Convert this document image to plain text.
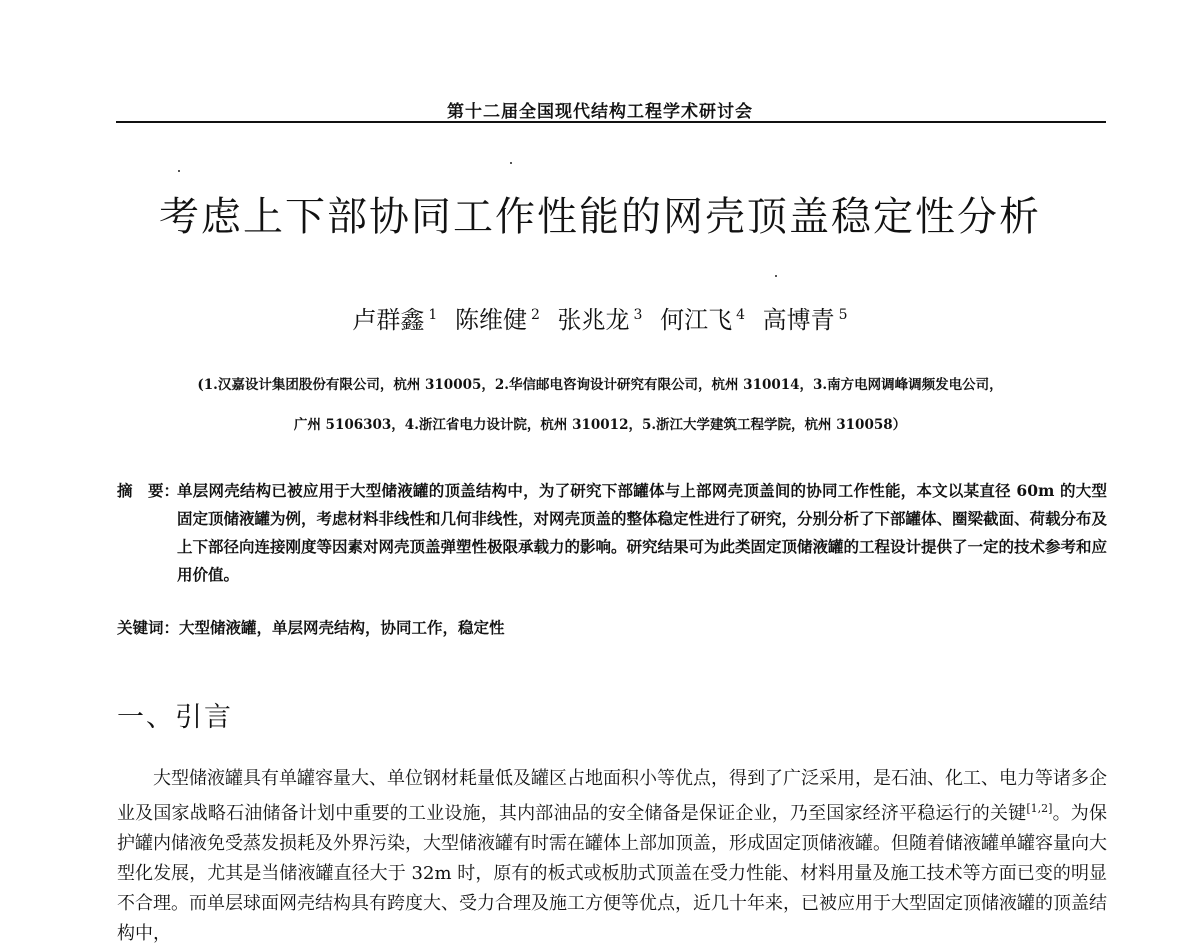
第十二届全国现代结构工程学术研讨会
考虑上下部协同工作性能的网壳顶盖稳定性分析
卢群鑫 $^1$ 陈维健 $^2$ 张兆龙 $^3$ 何江飞 $^4$ 高博青 $^5$
(1.汉嘉设计集团股份有限公司，杭州 310005，2.华信邮电咨询设计研究有限公司，杭州 310014，3.南方电网调峰调频发电公司，
广州 5106303，4.浙江省电力设计院，杭州 310012，5.浙江大学建筑工程学院，杭州 310058）
摘　要：
单层网壳结构已被应用于大型储液罐的顶盖结构中，为了研究下部罐体与上部网壳顶盖间的协同工作性能，本文以某直径 60m 的大型固定顶储液罐为例，考虑材料非线性和几何非线性，对网壳顶盖的整体稳定性进行了研究，分别分析了下部罐体、圈梁截面、荷载分布及上下部径向连接刚度等因素对网壳顶盖弹塑性极限承载力的影响。研究结果可为此类固定顶储液罐的工程设计提供了一定的技术参考和应用价值。
关键词：大型储液罐，单层网壳结构，协同工作，稳定性
一、引言

大型储液罐具有单罐容量大、单位钢材耗量低及罐区占地面积小等优点，得到了广泛采用，是石油、化工、电力等诸多企业及国家战略石油储备计划中重要的工业设施，其内部油品的安全储备是保证企业，乃至国家经济平稳运行的关键[1,2]。为保护罐内储液免受蒸发损耗及外界污染，大型储液罐有时需在罐体上部加顶盖，形成固定顶储液罐。但随着储液罐单罐容量向大型化发展，尤其是当储液罐直径大于 32m 时，原有的板式或板肋式顶盖在受力性能、材料用量及施工技术等方面已变的明显不合理。而单层球面网壳结构具有跨度大、受力合理及施工方便等优点，近几十年来，已被应用于大型固定顶储液罐的顶盖结构中，
